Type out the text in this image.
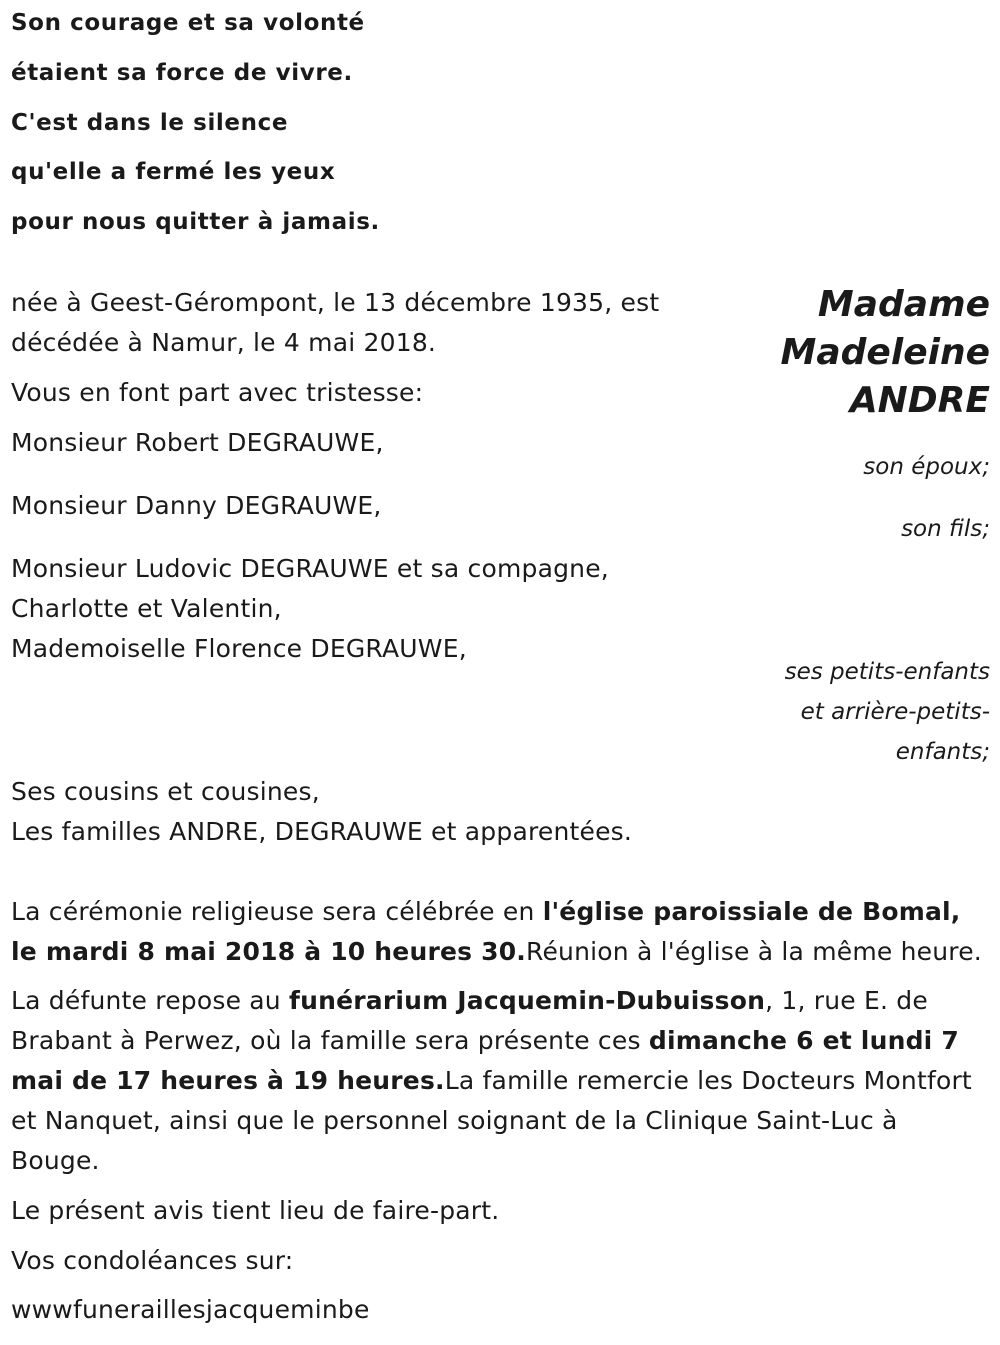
Son courage et sa volonté
étaient sa force de vivre.
C'est dans le silence
qu'elle a fermé les yeux
pour nous quitter à jamais.
Madame
Madeleine
ANDRE
née à Geest-Gérompont, le 13 décembre 1935, est
décédée à Namur, le 4 mai 2018.
Vous en font part avec tristesse:
Monsieur Robert DEGRAUWE,
son époux;
Monsieur Danny DEGRAUWE,
son fils;
Monsieur Ludovic DEGRAUWE et sa compagne,
Charlotte et Valentin,
Mademoiselle Florence DEGRAUWE,
ses petits-enfants
et arrière-petits-
enfants;
Ses cousins et cousines,
Les familles ANDRE, DEGRAUWE et apparentées.
La cérémonie religieuse sera célébrée en l'église paroissiale de Bomal,
le mardi 8 mai 2018 à 10 heures 30.Réunion à l'église à la même heure.
La défunte repose au funérarium Jacquemin-Dubuisson, 1, rue E. de
Brabant à Perwez, où la famille sera présente ces dimanche 6 et lundi 7
mai de 17 heures à 19 heures.La famille remercie les Docteurs Montfort
et Nanquet, ainsi que le personnel soignant de la Clinique Saint-Luc à
Bouge.
Le présent avis tient lieu de faire-part.
Vos condoléances sur:
wwwfuneraillesjacqueminbe
